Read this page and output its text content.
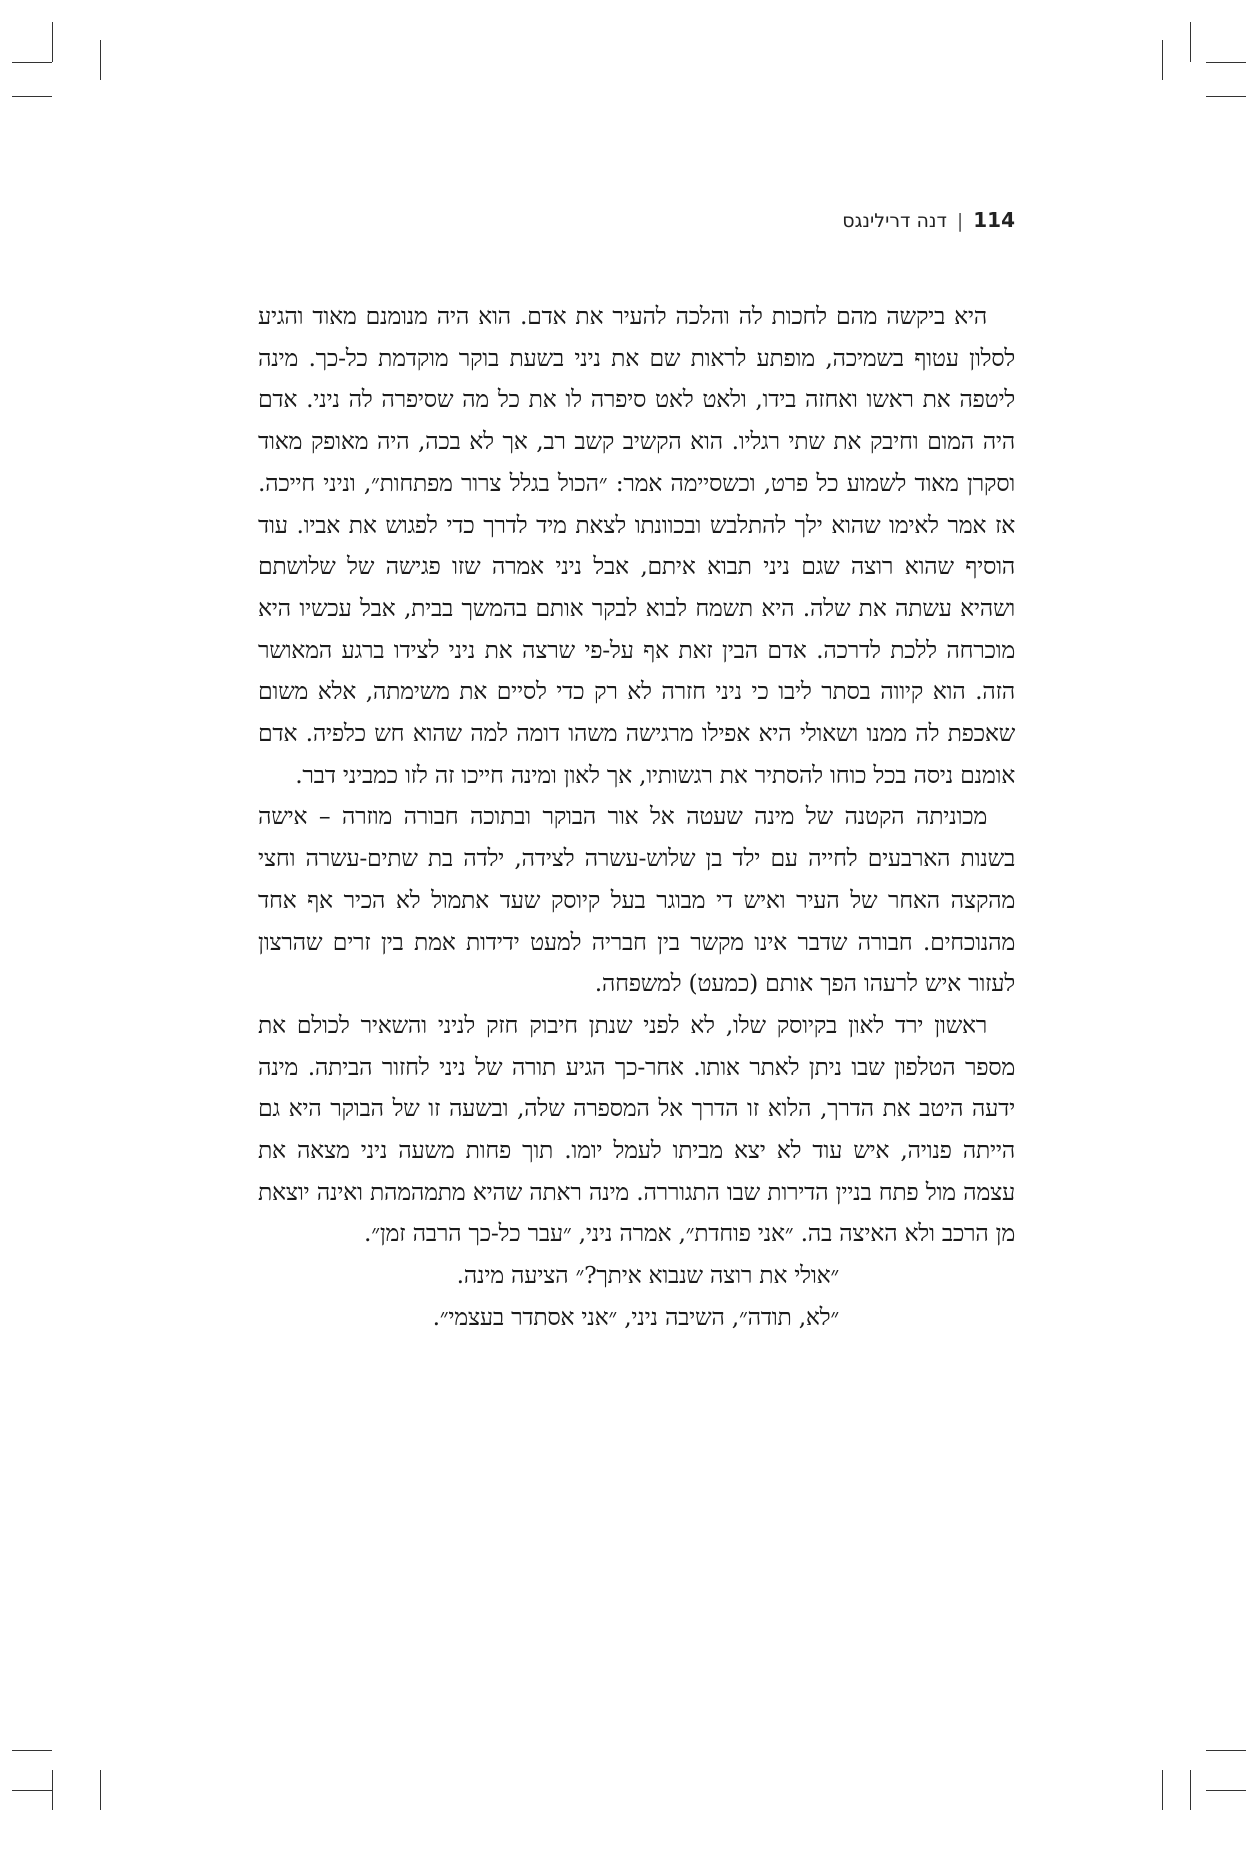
114|דנה דרילינגס

היא ביקשה מהם לחכות לה והלכה להעיר את אדם. הוא היה מנומנם מאוד והגיע לסלון עטוף בשמיכה, מופתע לראות שם את ניני בשעת בוקר מוקדמת כל-כך. מינה ליטפה את ראשו ואחזה בידו, ולאט לאט סיפרה לו את כל מה שסיפרה לה ניני. אדם היה המום וחיבק את שתי רגליו. הוא הקשיב קשב רב, אך לא בכה, היה מאופק מאוד וסקרן מאוד לשמוע כל פרט, וכשסיימה אמר: ״הכול בגלל צרור מפתחות״, וניני חייכה. אז אמר לאימו שהוא ילך להתלבש ובכוונתו לצאת מיד לדרך כדי לפגוש את אביו. עוד הוסיף שהוא רוצה שגם ניני תבוא איתם, אבל ניני אמרה שזו פגישה של שלושתם ושהיא עשתה את שלה. היא תשמח לבוא לבקר אותם בהמשך בבית, אבל עכשיו היא מוכרחה ללכת לדרכה. אדם הבין זאת אף על-פי שרצה את ניני לצידו ברגע המאושר הזה. הוא קיווה בסתר ליבו כי ניני חזרה לא רק כדי לסיים את משימתה, אלא משום שאכפת לה ממנו ושאולי היא אפילו מרגישה משהו דומה למה שהוא חש כלפיה. אדם אומנם ניסה בכל כוחו להסתיר את רגשותיו, אך לאון ומינה חייכו זה לזו כמביני דבר.

מכוניתה הקטנה של מינה שעטה אל אור הבוקר ובתוכה חבורה מוזרה – אישה בשנות הארבעים לחייה עם ילד בן שלוש-עשרה לצידה, ילדה בת שתים-עשרה וחצי מהקצה האחר של העיר ואיש די מבוגר בעל קיוסק שעד אתמול לא הכיר אף אחד מהנוכחים. חבורה שדבר אינו מקשר בין חבריה למעט ידידות אמת בין זרים שהרצון לעזור איש לרעהו הפך אותם (כמעט) למשפחה.

ראשון ירד לאון בקיוסק שלו, לא לפני שנתן חיבוק חזק לניני והשאיר לכולם את מספר הטלפון שבו ניתן לאתר אותו. אחר-כך הגיע תורה של ניני לחזור הביתה. מינה ידעה היטב את הדרך, הלוא זו הדרך אל המספרה שלה, ובשעה זו של הבוקר היא גם הייתה פנויה, איש עוד לא יצא מביתו לעמל יומו. תוך פחות משעה ניני מצאה את עצמה מול פתח בניין הדירות שבו התגוררה. מינה ראתה שהיא מתמהמהת ואינה יוצאת מן הרכב ולא האיצה בה. ״אני פוחדת״, אמרה ניני, ״עבר כל-כך הרבה זמן״.

״אולי את רוצה שנבוא איתך?״ הציעה מינה.

״לא, תודה״, השיבה ניני, ״אני אסתדר בעצמי״.
